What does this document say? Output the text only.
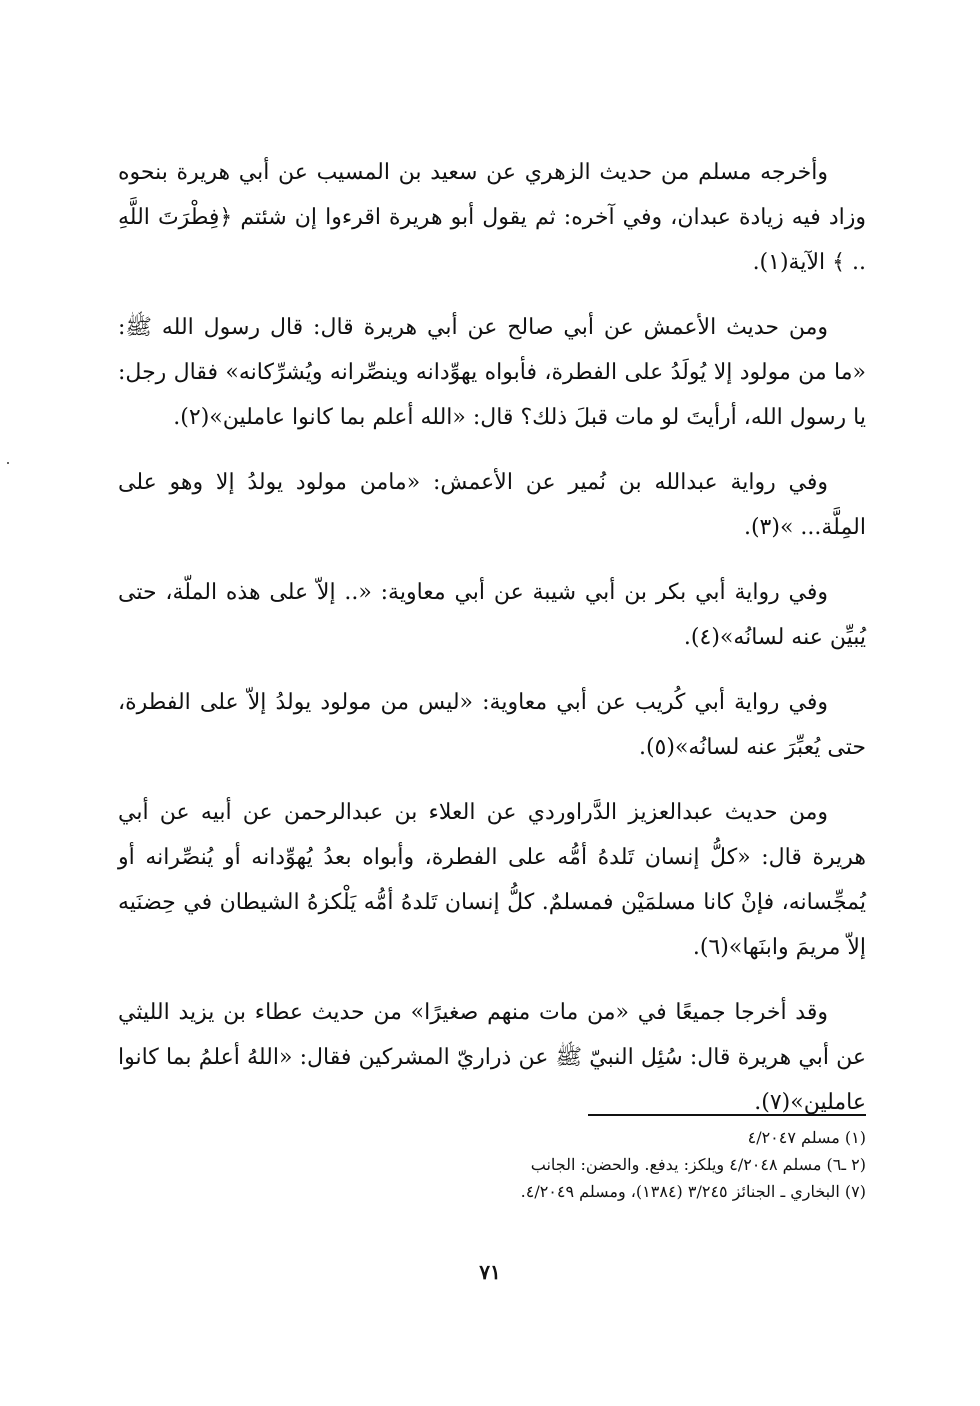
وأخرجه مسلم من حديث الزهري عن سعيد بن المسيب عن أبي هريرة بنحوه وزاد فيه زيادة عبدان، وفي آخره: ثم يقول أبو هريرة اقرءوا إن شئتم ﴿فِطْرَتَ اللَّهِ .. ﴾ الآية(١).

ومن حديث الأعمش عن أبي صالح عن أبي هريرة قال: قال رسول الله ﷺ: «ما من مولود إلا يُولَدُ على الفطرة، فأبواه يهوِّدانه وينصِّرانه ويُشرِّكانه» فقال رجل: يا رسول الله، أرأيتَ لو مات قبلَ ذلك؟ قال: «الله أعلم بما كانوا عاملين»(٢).

وفي رواية عبدالله بن نُمير عن الأعمش: «مامن مولود يولدُ إلا وهو على المِلَّة... »(٣).

وفي رواية أبي بكر بن أبي شيبة عن أبي معاوية: «.. إلاّ على هذه الملّة، حتى يُبيِّن عنه لسانُه»(٤).

وفي رواية أبي كُريب عن أبي معاوية: «ليس من مولود يولدُ إلاّ على الفطرة، حتى يُعبِّرَ عنه لسانُه»(٥).

ومن حديث عبدالعزيز الدَّراوردي عن العلاء بن عبدالرحمن عن أبيه عن أبي هريرة قال: «كلُّ إنسان تَلدهُ أمُّه على الفطرة، وأبواه بعدُ يُهوِّدانه أو يُنصِّرانه أو يُمجِّسانه، فإنْ كانا مسلمَيْن فمسلمٌ. كلُّ إنسان تَلدهُ أمُّه يَلْكزهُ الشيطان في حِضنَيه إلاّ مريمَ وابنَها»(٦).

وقد أخرجا جميعًا في «من مات منهم صغيرًا» من حديث عطاء بن يزيد الليثي عن أبي هريرة قال: سُئِل النبيّ ﷺ عن ذراريّ المشركين فقال: «اللهُ أعلمُ بما كانوا عاملين»(٧).

(١) مسلم ٤/٢٠٤٧

(٢ ـ٦) مسلم ٤/٢٠٤٨ ويلكز: يدفع. والحضن: الجانب

(٧) البخاري ـ الجنائز ٣/٢٤٥ (١٣٨٤)، ومسلم ٤/٢٠٤٩.

٧١
